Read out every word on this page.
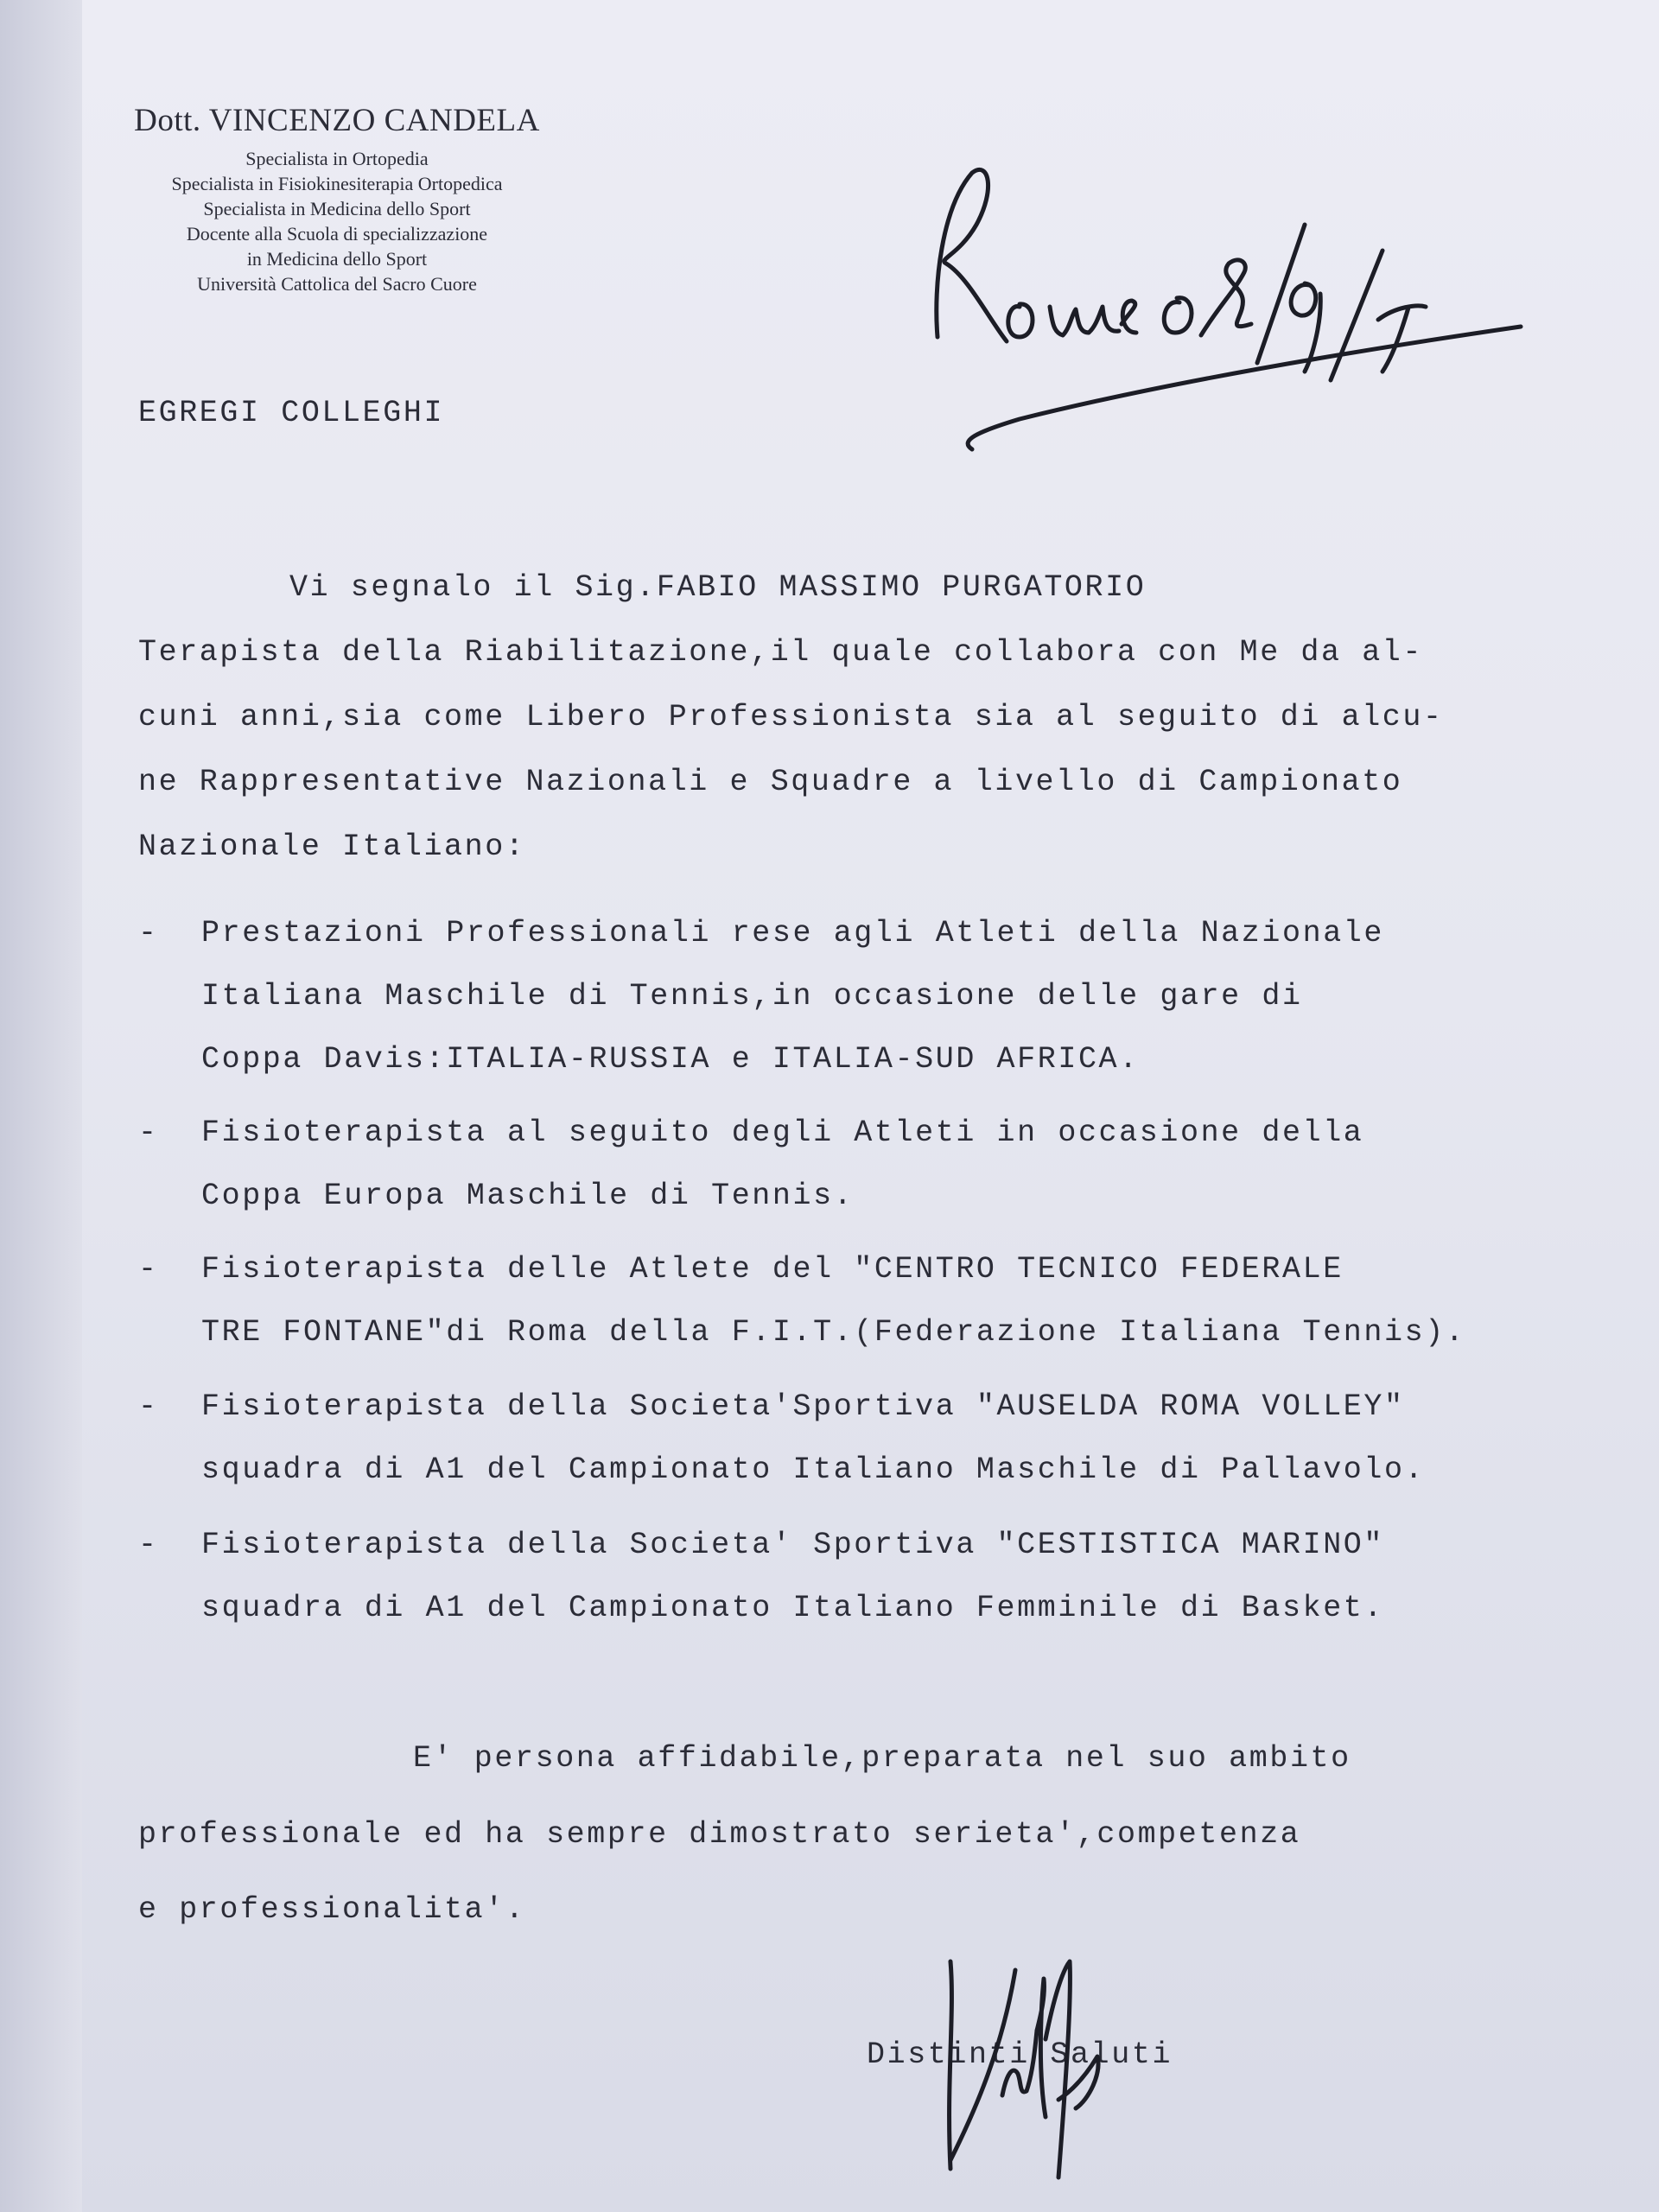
Dott. VINCENZO CANDELA

Specialista in Ortopedia

Specialista in Fisiokinesiterapia Ortopedica

Specialista in Medicina dello Sport

Docente alla Scuola di specializzazione

in Medicina dello Sport

Università Cattolica del Sacro Cuore

EGREGI COLLEGHI

Vi segnalo il Sig.FABIO MASSIMO PURGATORIO

Terapista della Riabilitazione,il quale collabora con Me da al-

cuni anni,sia come Libero Professionista sia al seguito di alcu-

ne Rappresentative Nazionali e Squadre a livello di Campionato

Nazionale Italiano:

- Prestazioni Professionali rese agli Atleti della Nazionale

Italiana Maschile di Tennis,in occasione delle gare di

Coppa Davis:ITALIA-RUSSIA e ITALIA-SUD AFRICA.

- Fisioterapista al seguito degli Atleti in occasione della

Coppa Europa Maschile di Tennis.

- Fisioterapista delle Atlete del "CENTRO TECNICO FEDERALE

TRE FONTANE"di Roma della F.I.T.(Federazione Italiana Tennis).

- Fisioterapista della Societa'Sportiva "AUSELDA ROMA VOLLEY"

squadra di A1 del Campionato Italiano Maschile di Pallavolo.

- Fisioterapista della Societa' Sportiva "CESTISTICA MARINO"

squadra di A1 del Campionato Italiano Femminile di Basket.

E' persona affidabile,preparata nel suo ambito

professionale ed ha sempre dimostrato serieta',competenza

e professionalita'.

Distinti Saluti
